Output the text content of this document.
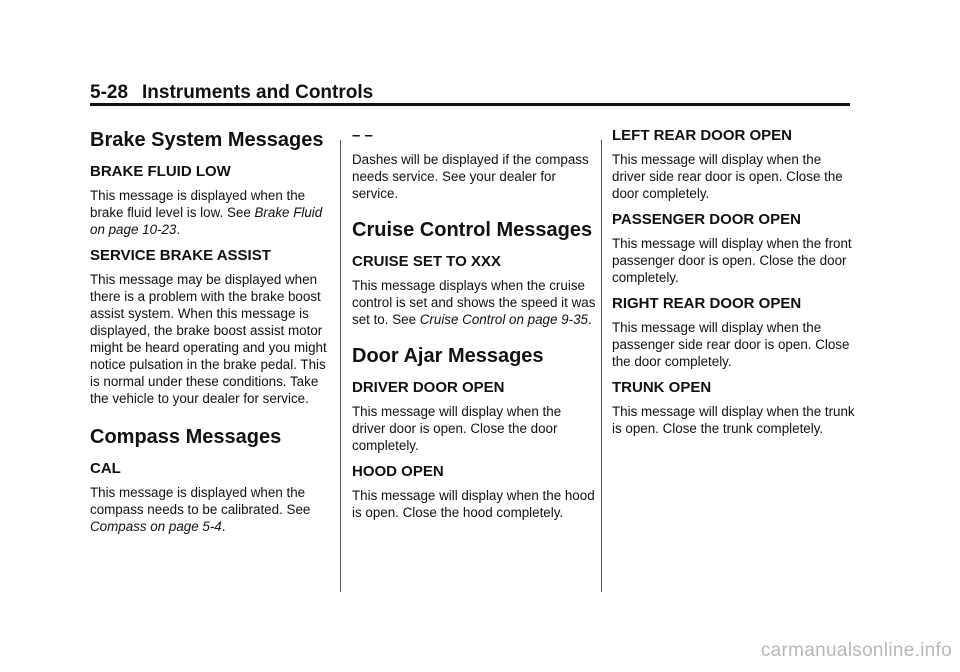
5-28 Instruments and Controls
Brake System Messages
BRAKE FLUID LOW

This message is displayed when the brake fluid level is low. See Brake Fluid on page 10-23.

SERVICE BRAKE ASSIST

This message may be displayed when there is a problem with the brake boost assist system. When this message is displayed, the brake boost assist motor might be heard operating and you might notice pulsation in the brake pedal. This is normal under these conditions. Take the vehicle to your dealer for service.

Compass Messages
CAL

This message is displayed when the compass needs to be calibrated. See Compass on page 5-4.

– –

Dashes will be displayed if the compass needs service. See your dealer for service.

Cruise Control Messages
CRUISE SET TO XXX

This message displays when the cruise control is set and shows the speed it was set to. See Cruise Control on page 9-35.

Door Ajar Messages
DRIVER DOOR OPEN

This message will display when the driver door is open. Close the door completely.

HOOD OPEN

This message will display when the hood is open. Close the hood completely.

LEFT REAR DOOR OPEN

This message will display when the driver side rear door is open. Close the door completely.

PASSENGER DOOR OPEN

This message will display when the front passenger door is open. Close the door completely.

RIGHT REAR DOOR OPEN

This message will display when the passenger side rear door is open. Close the door completely.

TRUNK OPEN

This message will display when the trunk is open. Close the trunk completely.

carmanualsonline.info
